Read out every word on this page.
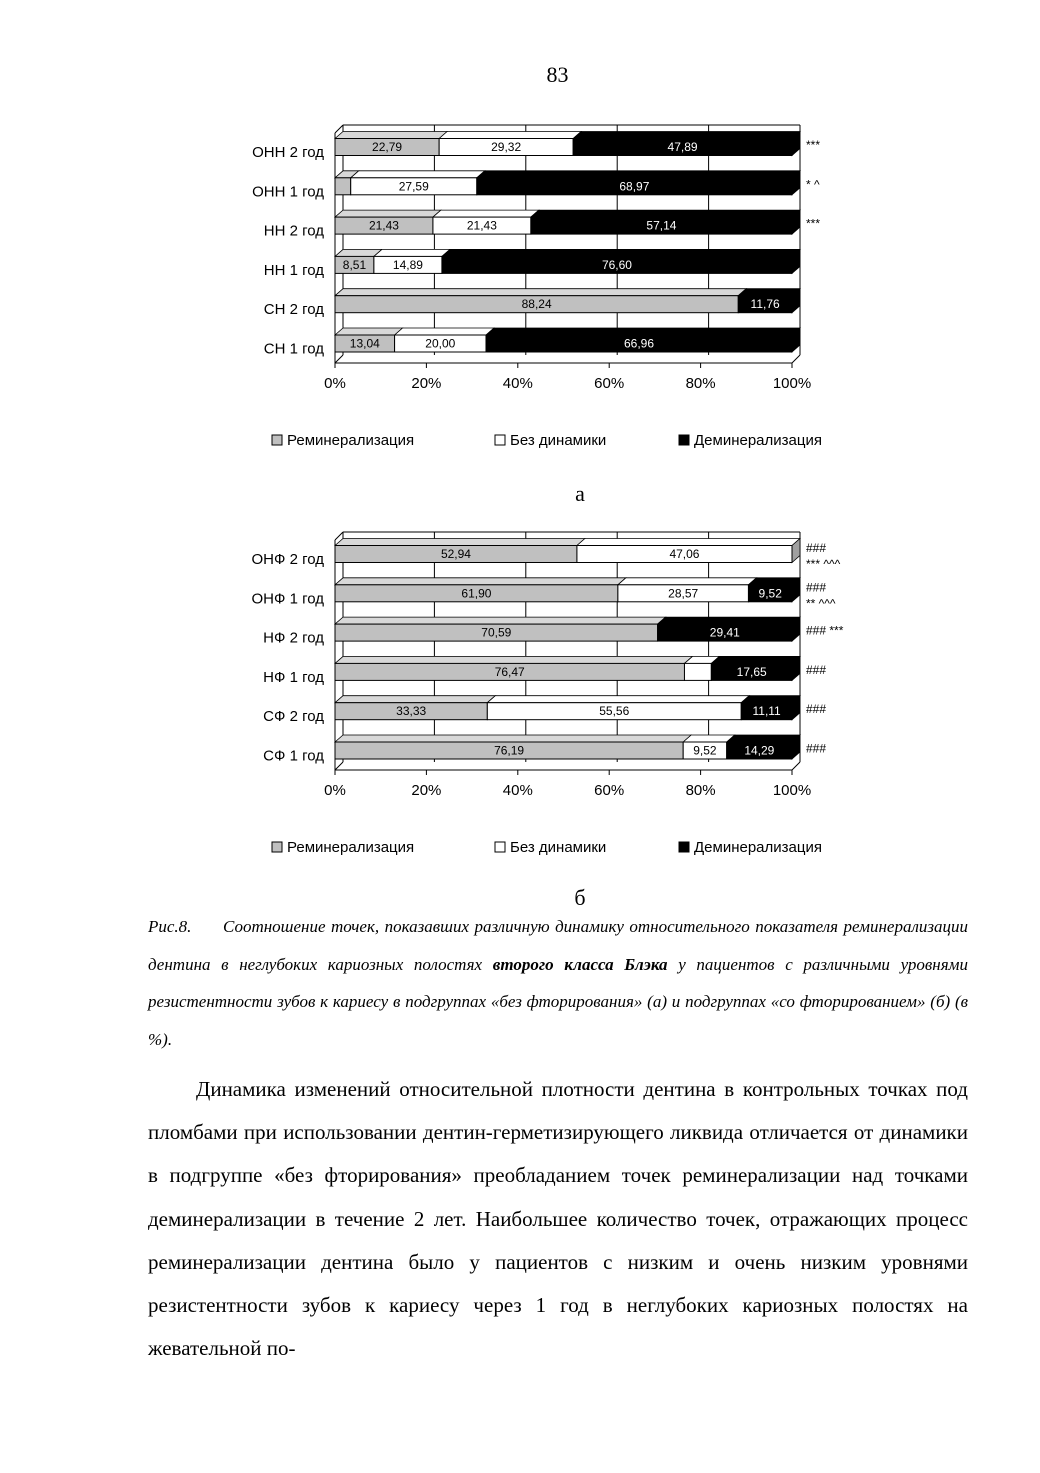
83
0%	20%	40%	60%	80%	100%
ОНН 2 год	22,79	29,32	47,89	***
ОНН 1 год	27,59	68,97	* ^
НН 2 год	21,43	21,43	57,14	***
НН 1 год 8,51 14,89	76,60
СН 2 год	88,24	11,76
СН 1 год 13,04	20,00	66,96
Реминерализация	Без динамики	Деминерализация
а
0%	20%	40%	60%	80%	100%
ОНФ 2 год	52,94	47,06	###
*** ^^^
ОНФ 1 год	61,90	28,57	9,52 ###
** ^^^
НФ 2 год	70,59	29,41	### ***
НФ 1 год	76,47	17,65	###
СФ 2 год	33,33	55,56	11,11 ###
СФ 1 год	76,19	9,52 14,29	###
Реминерализация	Без динамики	Деминерализация
б
Рис.8. Соотношение точек, показавших различную динамику относительного показателя реминерализации дентина в неглубоких кариозных полостях второго класса Блэка у пациентов с различными уровнями резистентности зубов к кариесу в подгруппах «без фторирования» (а) и подгруппах «со фторированием» (б) (в %).

Динамика изменений относительной плотности дентина в контрольных точках под пломбами при использовании дентин-герметизирующего ликвида отличается от динамики в подгруппе «без фторирования» преобладанием точек реминерализации над точками деминерализации в течение 2 лет. Наибольшее количество точек, отражающих процесс реминерализации дентина было у пациентов с низким и очень низким уровнями резистентности зубов к кариесу через 1 год в неглубоких кариозных полостях на жевательной по-
